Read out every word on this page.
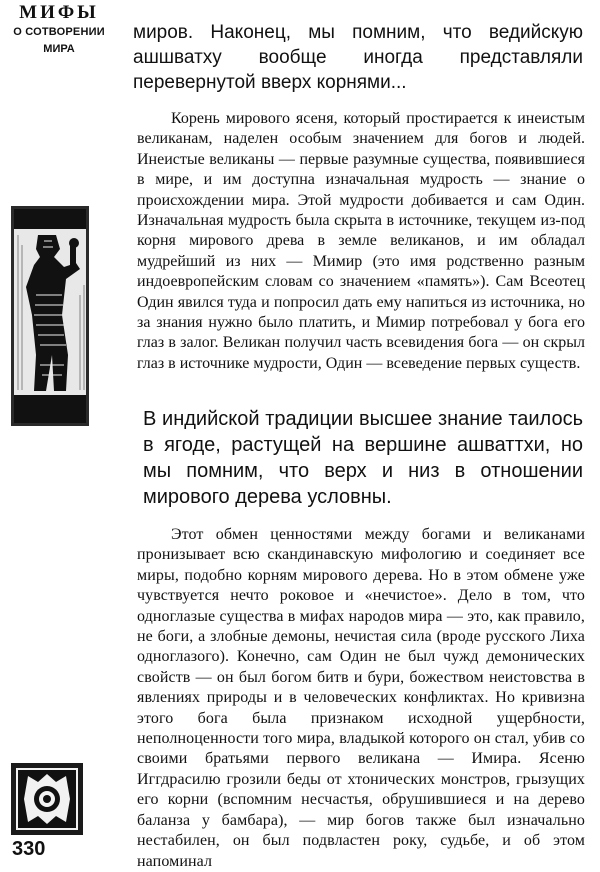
МИФЫ
О СОТВОРЕНИИ
МИРА
330

миров. Наконец, мы помним, что ведийскую ашшватху вообще иногда представляли перевернутой вверх корнями...

Корень мирового ясеня, который простирается к инеистым великанам, наделен особым значением для богов и людей. Инеистые великаны — первые разумные существа, появившиеся в мире, и им доступна изначальная мудрость — знание о происхождении мира. Этой мудрости добивается и сам Один. Изначальная мудрость была скрыта в источнике, текущем из-под корня мирового древа в земле великанов, и им обладал мудрейший из них — Мимир (это имя родственно разным индоевропейским словам со значением «память»). Сам Всеотец Один явился туда и попросил дать ему напиться из источника, но за знания нужно было платить, и Мимир потребовал у бога его глаз в залог. Великан получил часть всевидения бога — он скрыл глаз в источнике мудрости, Один — всеведение первых существ.

В индийской традиции высшее знание таилось в ягоде, растущей на вершине ашваттхи, но мы помним, что верх и низ в отношении мирового дерева условны.

Этот обмен ценностями между богами и великанами пронизывает всю скандинавскую мифологию и соединяет все миры, подобно корням мирового дерева. Но в этом обмене уже чувствуется нечто роковое и «нечистое». Дело в том, что одноглазые существа в мифах народов мира — это, как правило, не боги, а злобные демоны, нечистая сила (вроде русского Лиха одноглазого). Конечно, сам Один не был чужд демонических свойств — он был богом битв и бури, божеством неистовства в явлениях природы и в человеческих конфликтах. Но кривизна этого бога была признаком исходной ущербности, неполноценности того мира, владыкой которого он стал, убив со своими братьями первого великана — Имира. Ясеню Иггдрасилю грозили беды от хтонических монстров, грызущих его корни (вспомним несчастья, обрушившиеся и на дерево баланза у бамбара), — мир богов также был изначально нестабилен, он был подвластен року, судьбе, и об этом напоминал
